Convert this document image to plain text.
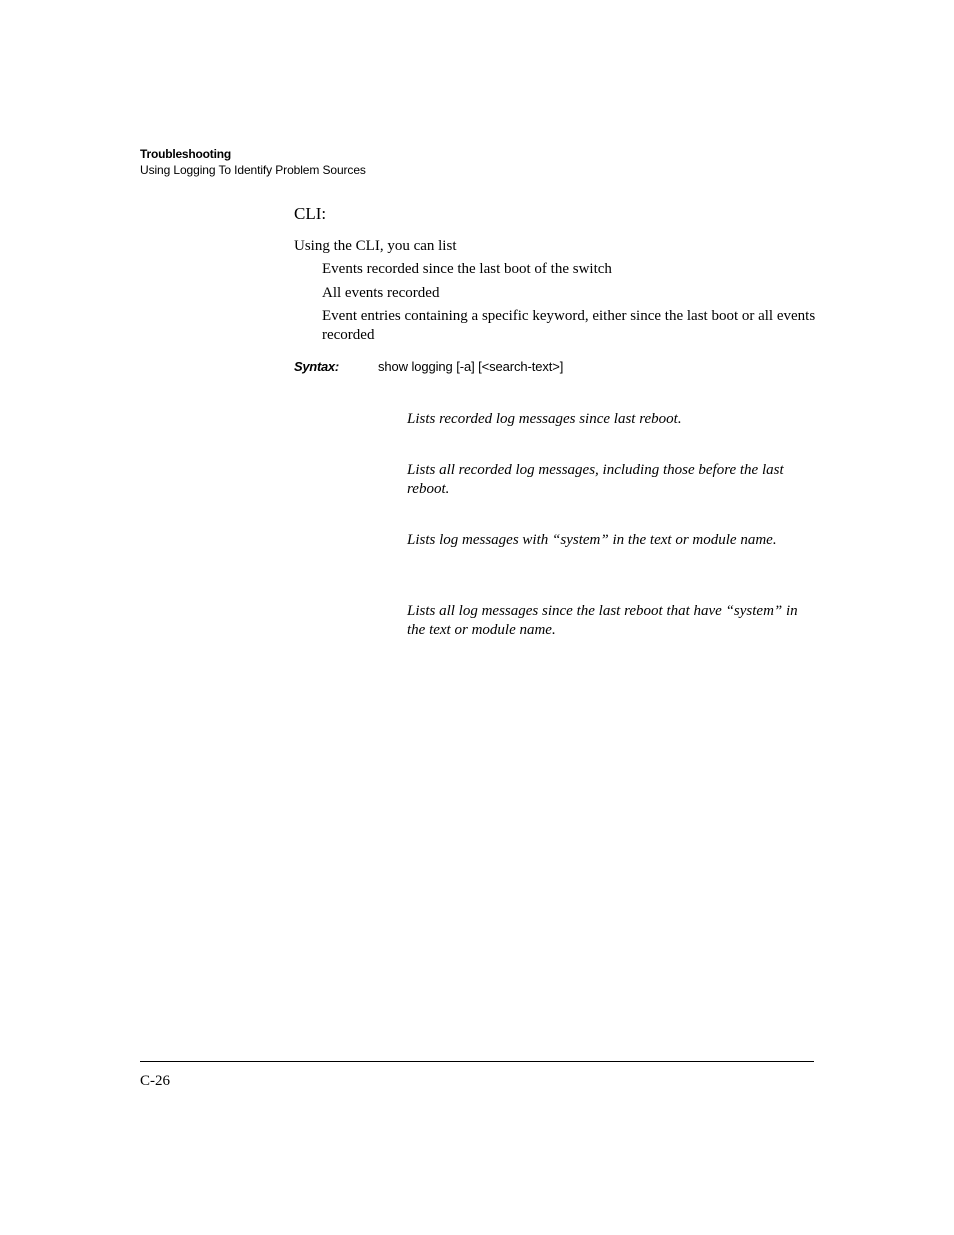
Troubleshooting
Using Logging To Identify Problem Sources
CLI:
Using the CLI, you can list
Events recorded since the last boot of the switch
All events recorded
Event entries containing a specific keyword, either since the last boot or all events recorded
Syntax:	show logging [-a] [<search-text>]
Lists recorded log messages since last reboot.
Lists all recorded log messages, including those before the last reboot.
Lists log messages with “system” in the text or module name.
Lists all log messages since the last reboot that have “system” in the text or module name.
C-26
